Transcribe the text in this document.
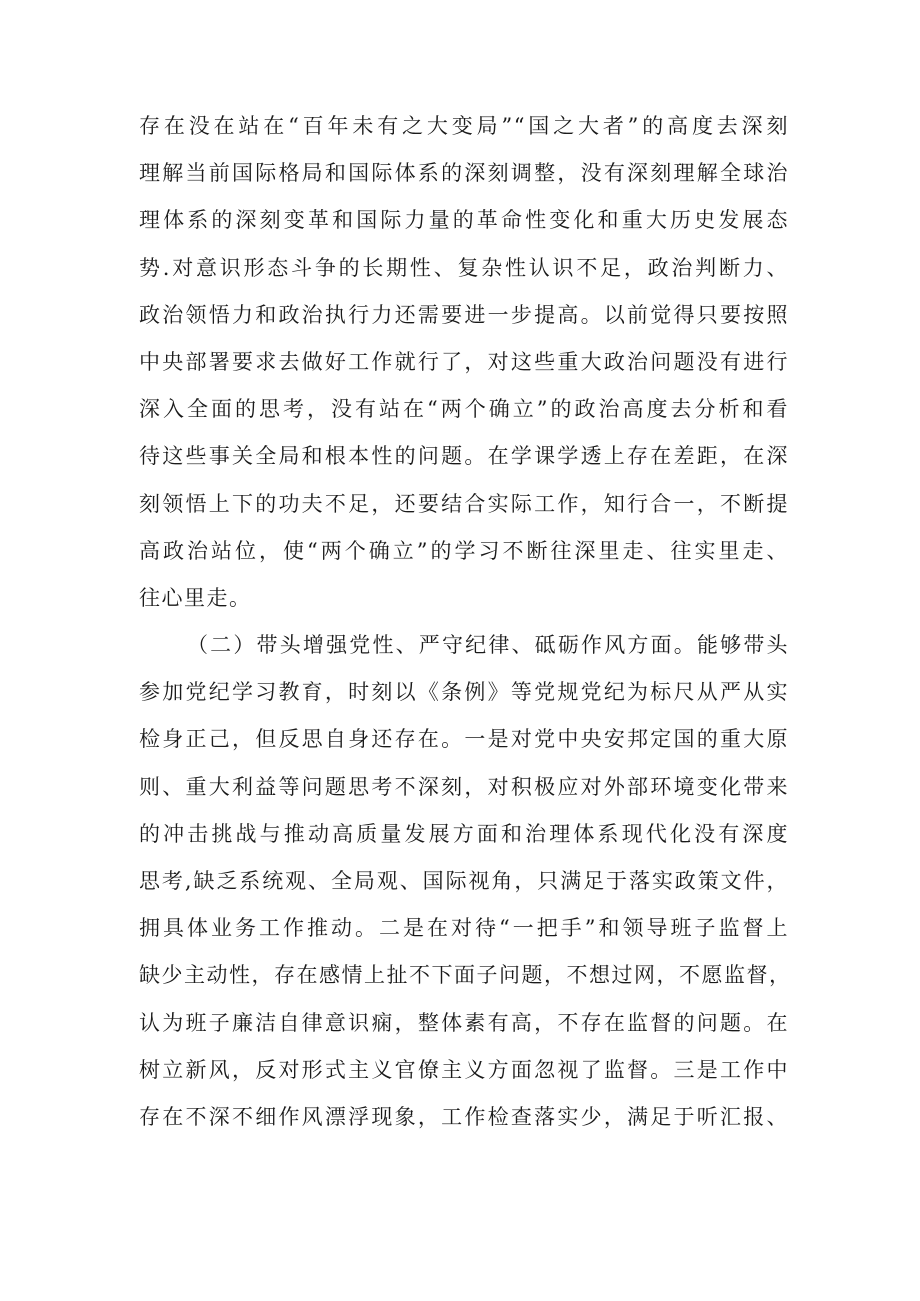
存在没在站在“百年未有之大变局”“国之大者”的高度去深刻
理解当前国际格局和国际体系的深刻调整，没有深刻理解全球治
理体系的深刻变革和国际力量的革命性变化和重大历史发展态
势.对意识形态斗争的长期性、复杂性认识不足，政治判断力、
政治领悟力和政治执行力还需要进一步提高。以前觉得只要按照
中央部署要求去做好工作就行了，对这些重大政治问题没有进行
深入全面的思考，没有站在“两个确立”的政治高度去分析和看
待这些事关全局和根本性的问题。在学课学透上存在差距，在深
刻领悟上下的功夫不足，还要结合实际工作，知行合一，不断提
高政治站位，使“两个确立”的学习不断往深里走、往实里走、
往心里走。
（二）带头增强党性、严守纪律、砥砺作风方面。能够带头
参加党纪学习教育，时刻以《条例》等党规党纪为标尺从严从实
检身正己，但反思自身还存在。一是对党中央安邦定国的重大原
则、重大利益等问题思考不深刻，对积极应对外部环境变化带来
的冲击挑战与推动高质量发展方面和治理体系现代化没有深度
思考,缺乏系统观、全局观、国际视角，只满足于落实政策文件，
拥具体业务工作推动。二是在对待“一把手”和领导班子监督上
缺少主动性，存在感情上扯不下面子问题，不想过网，不愿监督，
认为班子廉洁自律意识痫，整体素有高，不存在监督的问题。在
树立新风，反对形式主义官僚主义方面忽视了监督。三是工作中
存在不深不细作风漂浮现象，工作检查落实少，满足于听汇报、
